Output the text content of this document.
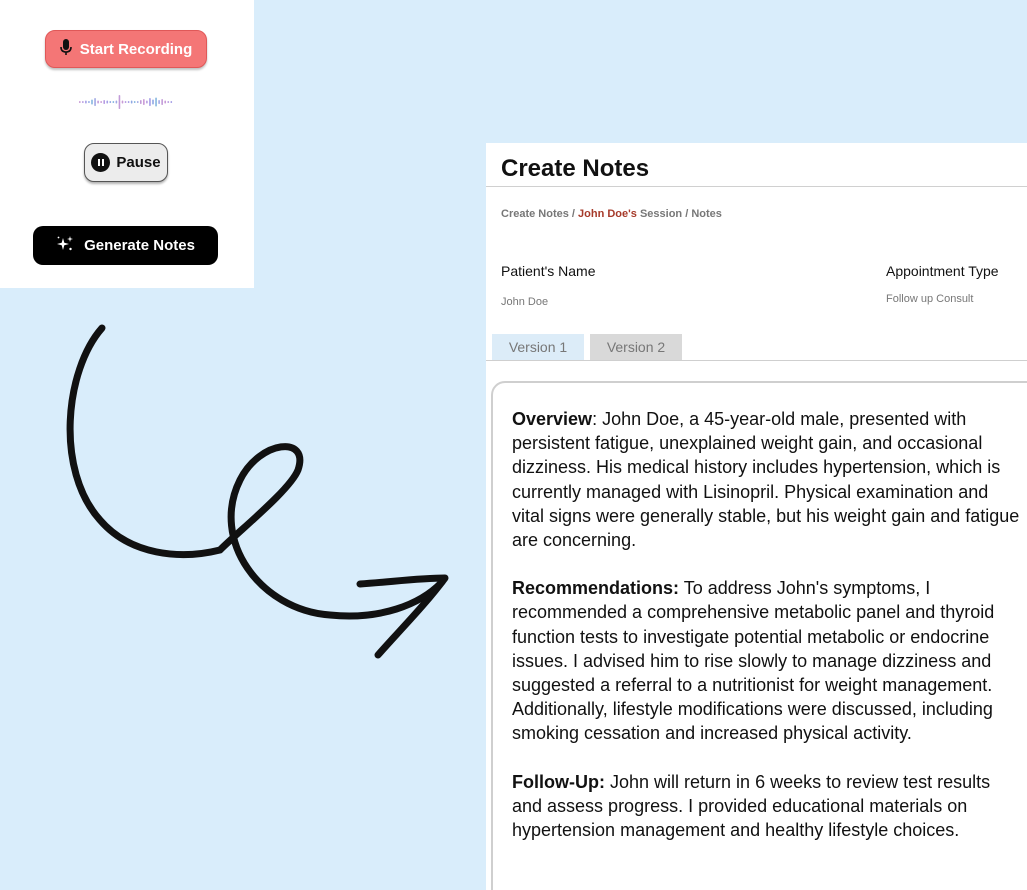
Start Recording
Pause
Generate Notes
Create Notes
Create Notes / John Doe's Session / Notes
Patient's Name
John Doe
Appointment Type
Follow up Consult
Version 1	Version 2

Overview: John Doe, a 45-year-old male, presented with persistent fatigue, unexplained weight gain, and occasional dizziness. His medical history includes hypertension, which is currently managed with Lisinopril. Physical examination and vital signs were generally stable, but his weight gain and fatigue are concerning.

Recommendations: To address John's symptoms, I recommended a comprehensive metabolic panel and thyroid function tests to investigate potential metabolic or endocrine issues. I advised him to rise slowly to manage dizziness and suggested a referral to a nutritionist for weight management. Additionally, lifestyle modifications were discussed, including smoking cessation and increased physical activity.

Follow-Up: John will return in 6 weeks to review test results and assess progress. I provided educational materials on hypertension management and healthy lifestyle choices.
